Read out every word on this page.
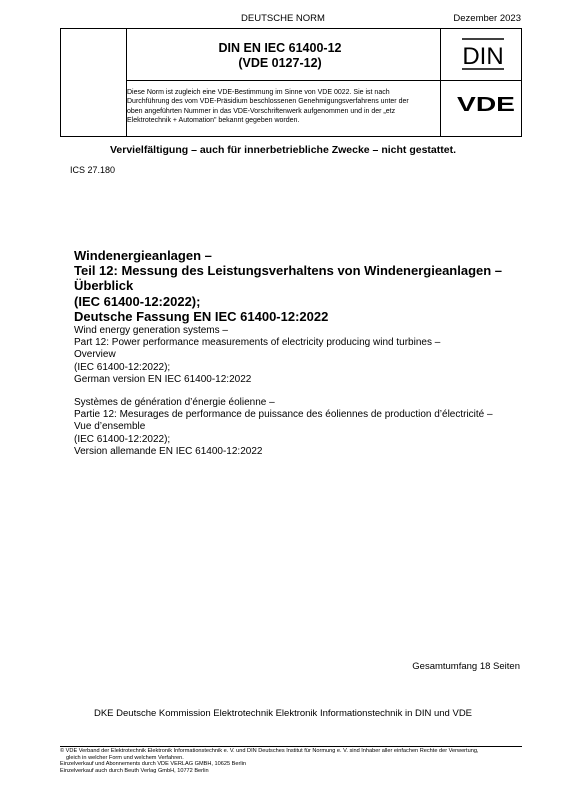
DEUTSCHE NORM	Dezember 2023
DIN EN IEC 61400-12
(VDE 0127-12)	DIN
Diese Norm ist zugleich eine VDE-Bestimmung im Sinne von VDE 0022. Sie ist nach
Durchführung des vom VDE-Präsidium beschlossenen Genehmigungsverfahrens unter der
oben angeführten Nummer in das VDE-Vorschriftenwerk aufgenommen und in der „etz
Elektrotechnik + Automation" bekannt gegeben worden.
VDE
Vervielfältigung – auch für innerbetriebliche Zwecke – nicht gestattet.
ICS 27.180
Windenergieanlagen –
Teil 12: Messung des Leistungsverhaltens von Windenergieanlagen –
Überblick
(IEC 61400-12:2022);
Deutsche Fassung EN IEC 61400-12:2022
Wind energy generation systems –
Part 12: Power performance measurements of electricity producing wind turbines –
Overview
(IEC 61400-12:2022);
German version EN IEC 61400-12:2022
Systèmes de génération d’énergie éolienne –
Partie 12: Mesurages de performance de puissance des éoliennes de production d’électricité –
Vue d’ensemble
(IEC 61400-12:2022);
Version allemande EN IEC 61400-12:2022
Gesamtumfang 18 Seiten
DKE Deutsche Kommission Elektrotechnik Elektronik Informationstechnik in DIN und VDE
© VDE Verband der Elektrotechnik Elektronik Informationstechnik e. V. und DIN Deutsches Institut für Normung e. V. sind Inhaber aller einfachen Rechte der Verwertung,
gleich in welcher Form und welchem Verfahren.
Einzelverkauf und Abonnements durch VDE VERLAG GMBH, 10625 Berlin
Einzelverkauf auch durch Beuth Verlag GmbH, 10772 Berlin
